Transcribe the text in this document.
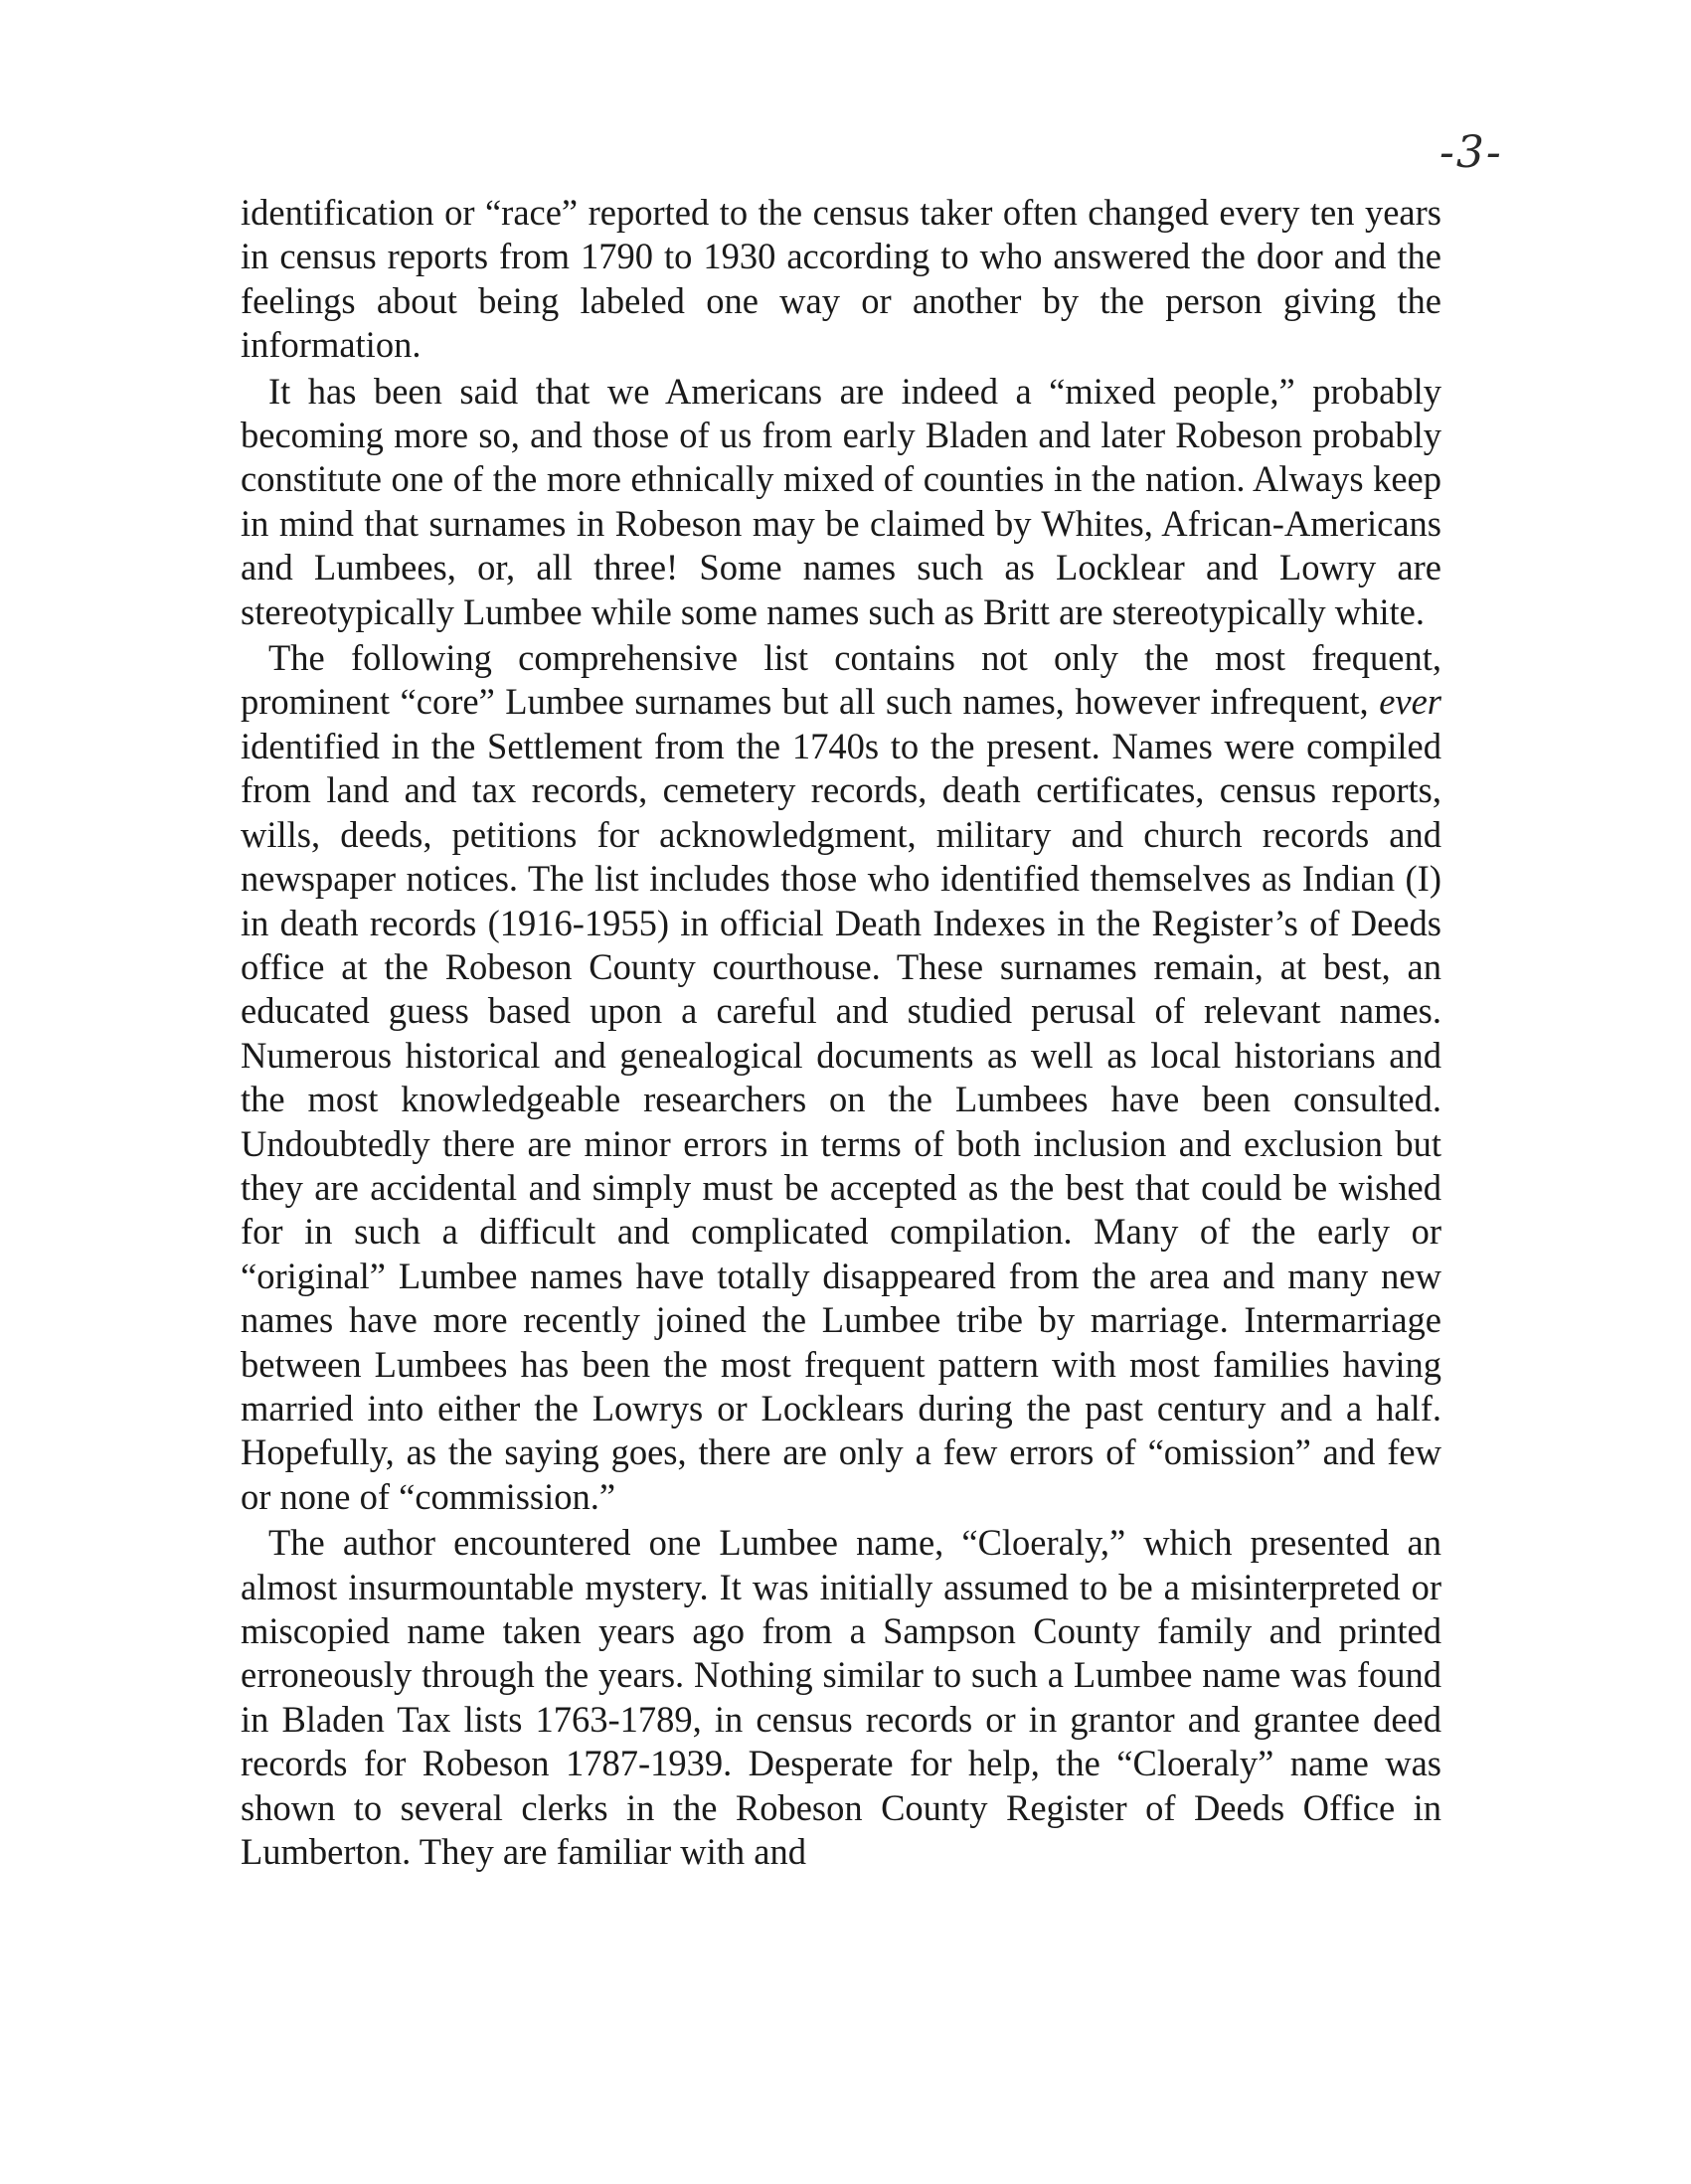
-3-

identification or “race” reported to the census taker often changed every ten years in census reports from 1790 to 1930 according to who answered the door and the feelings about being labeled one way or another by the person giving the information.

It has been said that we Americans are indeed a “mixed people,” probably becoming more so, and those of us from early Bladen and later Robeson probably constitute one of the more ethnically mixed of counties in the nation. Always keep in mind that surnames in Robeson may be claimed by Whites, African-Americans and Lumbees, or, all three! Some names such as Locklear and Lowry are stereotypically Lumbee while some names such as Britt are stereotypically white.

The following comprehensive list contains not only the most frequent, prominent “core” Lumbee surnames but all such names, however infrequent, ever identified in the Settlement from the 1740s to the present. Names were compiled from land and tax records, cemetery records, death certificates, census reports, wills, deeds, petitions for acknowledgment, military and church records and newspaper notices. The list includes those who identified themselves as Indian (I) in death records (1916-1955) in official Death Indexes in the Register’s of Deeds office at the Robeson County courthouse. These surnames remain, at best, an educated guess based upon a careful and studied perusal of relevant names. Numerous historical and genealogical documents as well as local historians and the most knowledgeable researchers on the Lumbees have been consulted. Undoubtedly there are minor errors in terms of both inclusion and exclusion but they are accidental and simply must be accepted as the best that could be wished for in such a difficult and complicated compilation. Many of the early or “original” Lumbee names have totally disappeared from the area and many new names have more recently joined the Lumbee tribe by marriage. Intermarriage between Lumbees has been the most frequent pattern with most families having married into either the Lowrys or Locklears during the past century and a half. Hopefully, as the saying goes, there are only a few errors of “omission” and few or none of “commission.”

The author encountered one Lumbee name, “Cloeraly,” which presented an almost insurmountable mystery. It was initially assumed to be a misinterpreted or miscopied name taken years ago from a Sampson County family and printed erroneously through the years. Nothing similar to such a Lumbee name was found in Bladen Tax lists 1763-1789, in census records or in grantor and grantee deed records for Robeson 1787-1939. Desperate for help, the “Cloeraly” name was shown to several clerks in the Robeson County Register of Deeds Office in Lumberton. They are familiar with and
